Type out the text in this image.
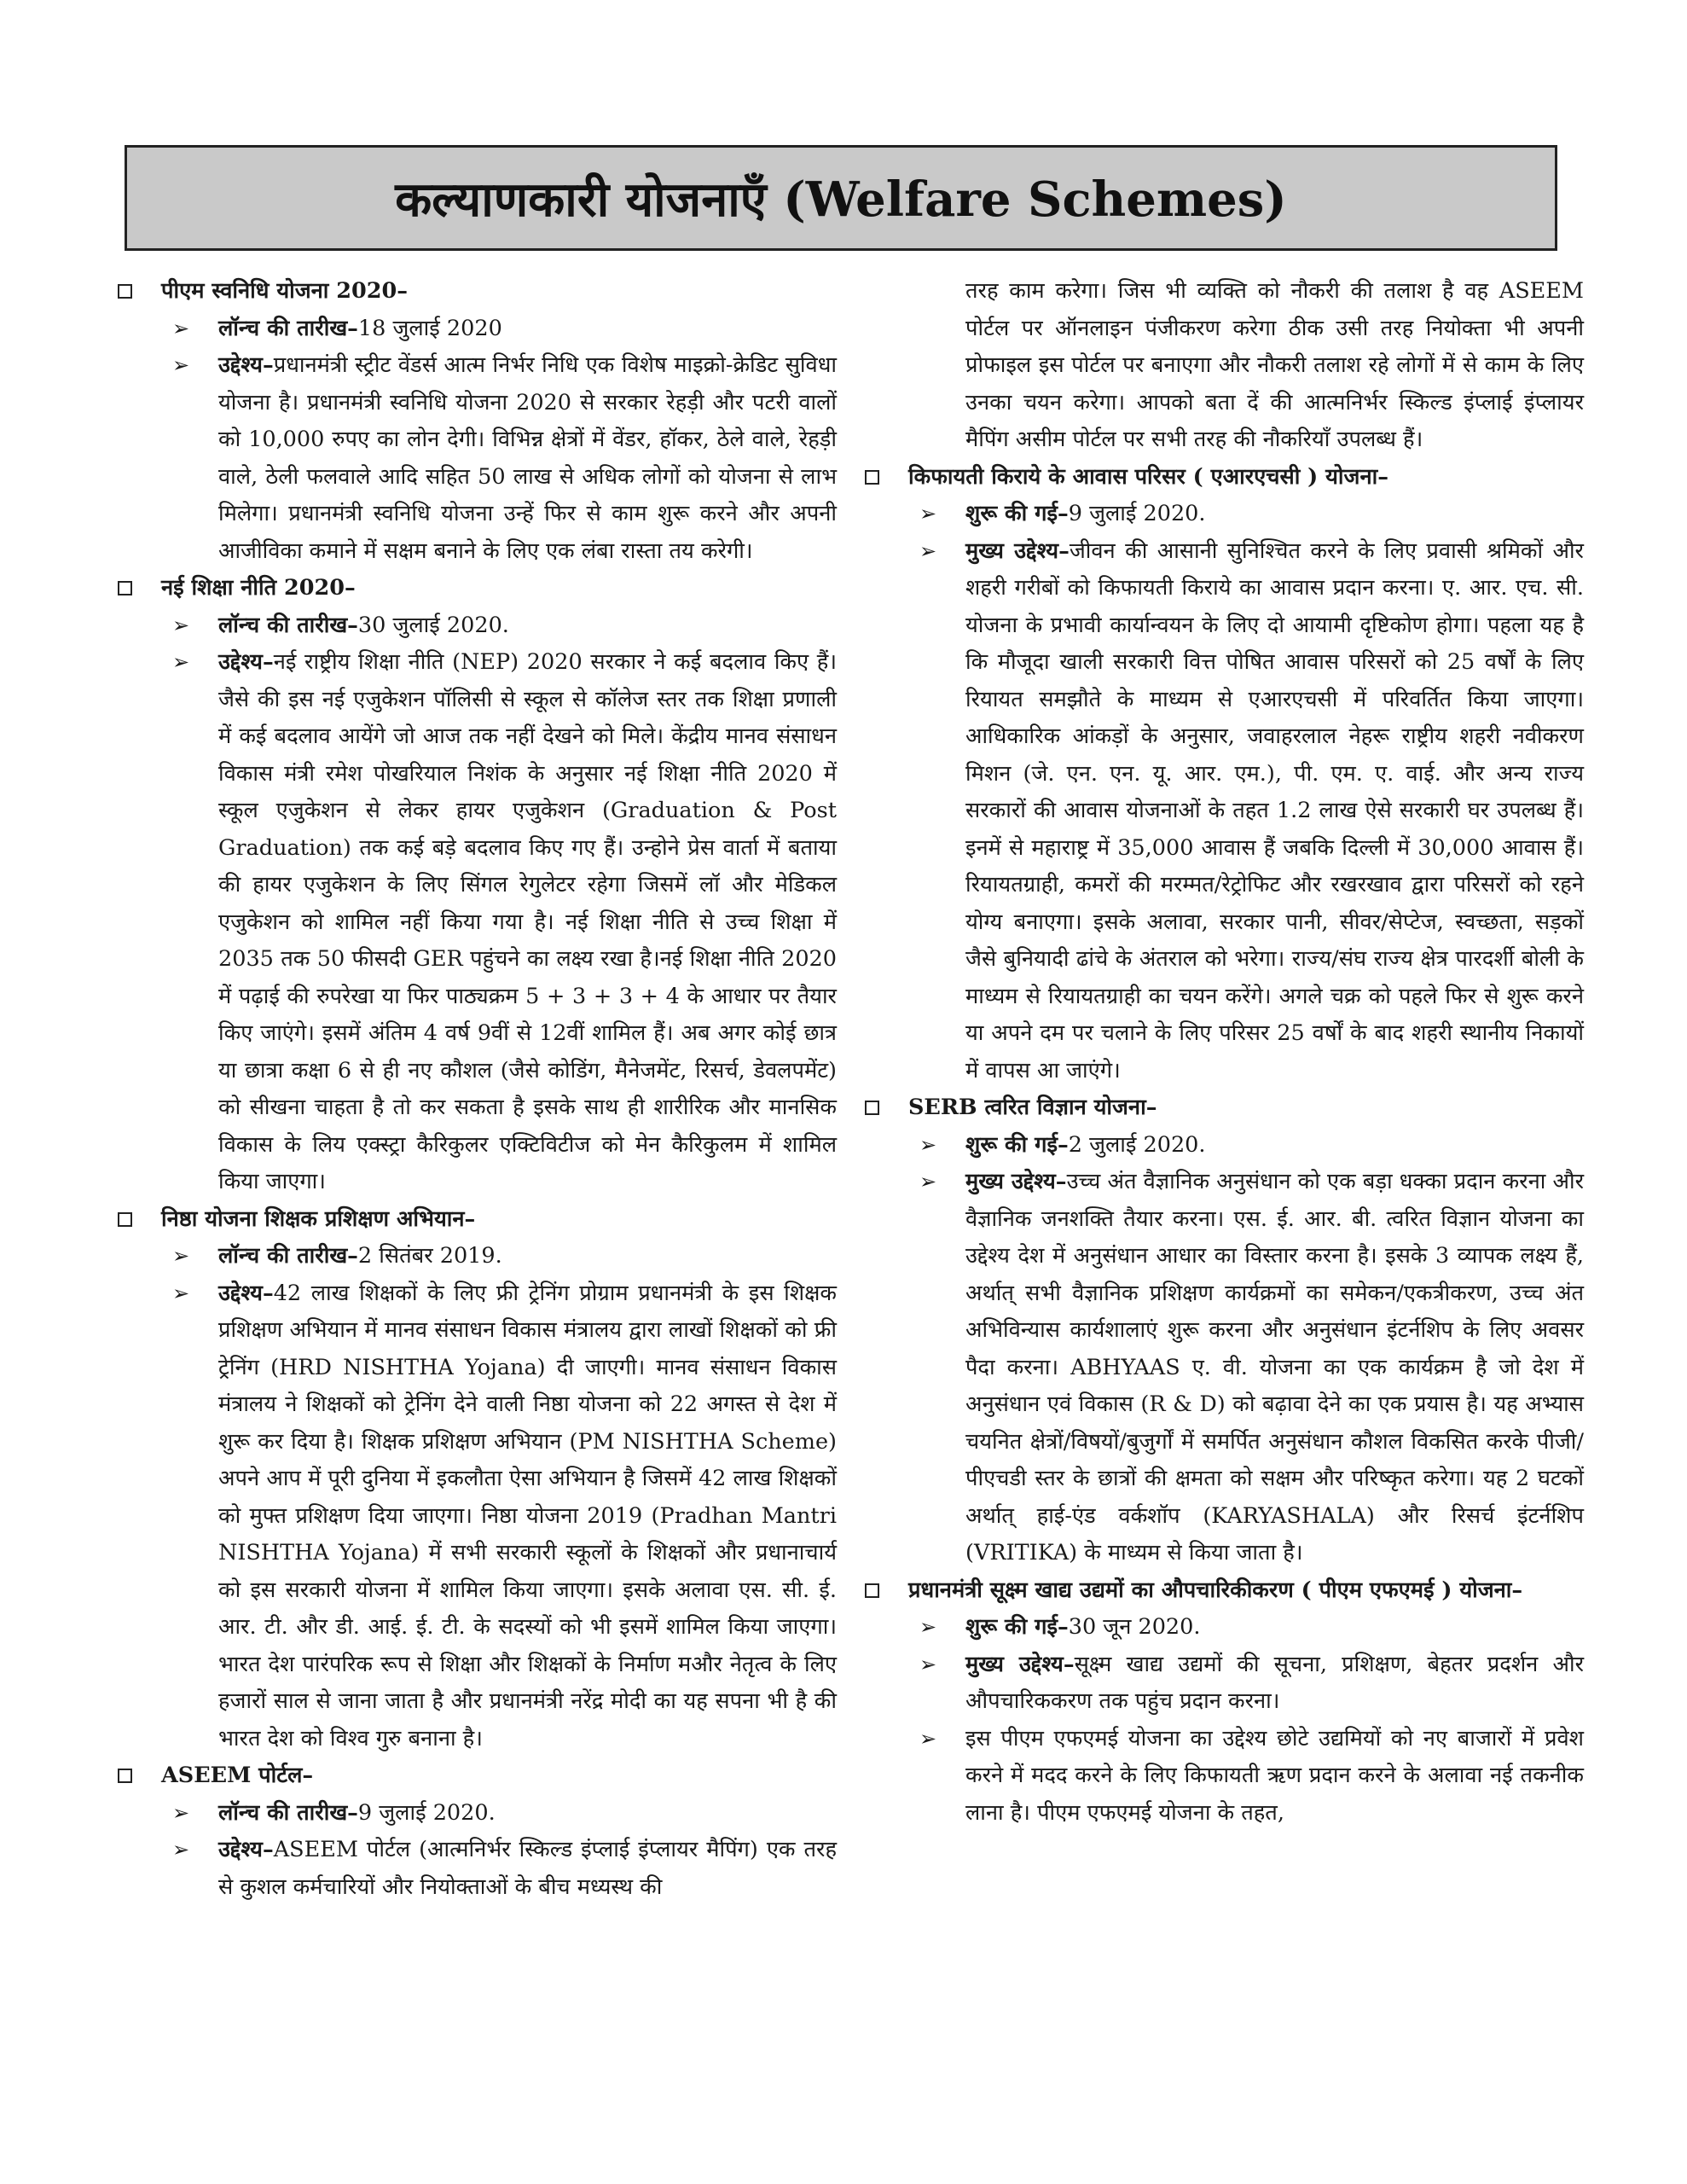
कल्याणकारी योजनाएँ (Welfare Schemes)
पीएम स्वनिधि योजना 2020–
➢	लॉन्च की तारीख–18 जुलाई 2020
➢	उद्देश्य–प्रधानमंत्री स्ट्रीट वेंडर्स आत्म निर्भर निधि एक विशेष माइक्रो-क्रेडिट सुविधा योजना है। प्रधानमंत्री स्वनिधि योजना 2020 से सरकार रेहड़ी और पटरी वालों को 10,000 रुपए का लोन देगी। विभिन्न क्षेत्रों में वेंडर, हॉकर, ठेले वाले, रेहड़ी वाले, ठेली फलवाले आदि सहित 50 लाख से अधिक लोगों को योजना से लाभ मिलेगा। प्रधानमंत्री स्वनिधि योजना उन्हें फिर से काम शुरू करने और अपनी आजीविका कमाने में सक्षम बनाने के लिए एक लंबा रास्ता तय करेगी।
नई शिक्षा नीति 2020–
➢	लॉन्च की तारीख–30 जुलाई 2020.
➢	उद्देश्य–नई राष्ट्रीय शिक्षा नीति (NEP) 2020 सरकार ने कई बदलाव किए हैं। जैसे की इस नई एजुकेशन पॉलिसी से स्कूल से कॉलेज स्तर तक शिक्षा प्रणाली में कई बदलाव आयेंगे जो आज तक नहीं देखने को मिले। केंद्रीय मानव संसाधन विकास मंत्री रमेश पोखरियाल निशंक के अनुसार नई शिक्षा नीति 2020 में स्कूल एजुकेशन से लेकर हायर एजुकेशन (Graduation & Post Graduation) तक कई बड़े बदलाव किए गए हैं। उन्होने प्रेस वार्ता में बताया की हायर एजुकेशन के लिए सिंगल रेगुलेटर रहेगा जिसमें लॉ और मेडिकल एजुकेशन को शामिल नहीं किया गया है। नई शिक्षा नीति से उच्च शिक्षा में 2035 तक 50 फीसदी GER पहुंचने का लक्ष्य रखा है।नई शिक्षा नीति 2020 में पढ़ाई की रुपरेखा या फिर पाठ्यक्रम 5 + 3 + 3 + 4 के आधार पर तैयार किए जाएंगे। इसमें अंतिम 4 वर्ष 9वीं से 12वीं शामिल हैं। अब अगर कोई छात्र या छात्रा कक्षा 6 से ही नए कौशल (जैसे कोडिंग, मैनेजमेंट, रिसर्च, डेवलपमेंट) को सीखना चाहता है तो कर सकता है इसके साथ ही शारीरिक और मानसिक विकास के लिय एक्स्ट्रा कैरिकुलर एक्टिविटीज को मेन कैरिकुलम में शामिल किया जाएगा।
निष्ठा योजना शिक्षक प्रशिक्षण अभियान–
➢	लॉन्च की तारीख–2 सितंबर 2019.
➢	उद्देश्य–42 लाख शिक्षकों के लिए फ्री ट्रेनिंग प्रोग्राम प्रधानमंत्री के इस शिक्षक प्रशिक्षण अभियान में मानव संसाधन विकास मंत्रालय द्वारा लाखों शिक्षकों को फ्री ट्रेनिंग (HRD NISHTHA Yojana) दी जाएगी। मानव संसाधन विकास मंत्रालय ने शिक्षकों को ट्रेनिंग देने वाली निष्ठा योजना को 22 अगस्त से देश में शुरू कर दिया है। शिक्षक प्रशिक्षण अभियान (PM NISHTHA Scheme) अपने आप में पूरी दुनिया में इकलौता ऐसा अभियान है जिसमें 42 लाख शिक्षकों को मुफ्त प्रशिक्षण दिया जाएगा। निष्ठा योजना 2019 (Pradhan Mantri NISHTHA Yojana) में सभी सरकारी स्कूलों के शिक्षकों और प्रधानाचार्य को इस सरकारी योजना में शामिल किया जाएगा। इसके अलावा एस. सी. ई. आर. टी. और डी. आई. ई. टी. के सदस्यों को भी इसमें शामिल किया जाएगा। भारत देश पारंपरिक रूप से शिक्षा और शिक्षकों के निर्माण मऔर नेतृत्व के लिए हजारों साल से जाना जाता है और प्रधानमंत्री नरेंद्र मोदी का यह सपना भी है की भारत देश को विश्व गुरु बनाना है।
ASEEM पोर्टल–
➢	लॉन्च की तारीख–9 जुलाई 2020.
➢	उद्देश्य–ASEEM पोर्टल (आत्मनिर्भर स्किल्ड इंप्लाई इंप्लायर मैपिंग) एक तरह से कुशल कर्मचारियों और नियोक्ताओं के बीच मध्यस्थ की
तरह काम करेगा। जिस भी व्यक्ति को नौकरी की तलाश है वह ASEEM पोर्टल पर ऑनलाइन पंजीकरण करेगा ठीक उसी तरह नियोक्ता भी अपनी प्रोफाइल इस पोर्टल पर बनाएगा और नौकरी तलाश रहे लोगों में से काम के लिए उनका चयन करेगा। आपको बता दें की आत्मनिर्भर स्किल्ड इंप्लाई इंप्लायर मैपिंग असीम पोर्टल पर सभी तरह की नौकरियाँ उपलब्ध हैं।
किफायती किराये के आवास परिसर ( एआरएचसी ) योजना–
➢	शुरू की गई–9 जुलाई 2020.
➢	मुख्य उद्देश्य–जीवन की आसानी सुनिश्चित करने के लिए प्रवासी श्रमिकों और शहरी गरीबों को किफायती किराये का आवास प्रदान करना। ए. आर. एच. सी. योजना के प्रभावी कार्यान्वयन के लिए दो आयामी दृष्टिकोण होगा। पहला यह है कि मौजूदा खाली सरकारी वित्त पोषित आवास परिसरों को 25 वर्षों के लिए रियायत समझौते के माध्यम से एआरएचसी में परिवर्तित किया जाएगा। आधिकारिक आंकड़ों के अनुसार, जवाहरलाल नेहरू राष्ट्रीय शहरी नवीकरण मिशन (जे. एन. एन. यू. आर. एम.), पी. एम. ए. वाई. और अन्य राज्य सरकारों की आवास योजनाओं के तहत 1.2 लाख ऐसे सरकारी घर उपलब्ध हैं। इनमें से महाराष्ट्र में 35,000 आवास हैं जबकि दिल्ली में 30,000 आवास हैं। रियायतग्राही, कमरों की मरम्मत/रेट्रोफिट और रखरखाव द्वारा परिसरों को रहने योग्य बनाएगा। इसके अलावा, सरकार पानी, सीवर/सेप्टेज, स्वच्छता, सड़कों जैसे बुनियादी ढांचे के अंतराल को भरेगा। राज्य/संघ राज्य क्षेत्र पारदर्शी बोली के माध्यम से रियायतग्राही का चयन करेंगे। अगले चक्र को पहले फिर से शुरू करने या अपने दम पर चलाने के लिए परिसर 25 वर्षों के बाद शहरी स्थानीय निकायों में वापस आ जाएंगे।
SERB त्वरित विज्ञान योजना–
➢	शुरू की गई–2 जुलाई 2020.
➢	मुख्य उद्देश्य–उच्च अंत वैज्ञानिक अनुसंधान को एक बड़ा धक्का प्रदान करना और वैज्ञानिक जनशक्ति तैयार करना। एस. ई. आर. बी. त्वरित विज्ञान योजना का उद्देश्य देश में अनुसंधान आधार का विस्तार करना है। इसके 3 व्यापक लक्ष्य हैं, अर्थात् सभी वैज्ञानिक प्रशिक्षण कार्यक्रमों का समेकन/एकत्रीकरण, उच्च अंत अभिविन्यास कार्यशालाएं शुरू करना और अनुसंधान इंटर्नशिप के लिए अवसर पैदा करना। ABHYAAS ए. वी. योजना का एक कार्यक्रम है जो देश में अनुसंधान एवं विकास (R & D) को बढ़ावा देने का एक प्रयास है। यह अभ्यास चयनित क्षेत्रों/विषयों/बुजुर्गों में समर्पित अनुसंधान कौशल विकसित करके पीजी/पीएचडी स्तर के छात्रों की क्षमता को सक्षम और परिष्कृत करेगा। यह 2 घटकों अर्थात् हाई-एंड वर्कशॉप (KARYASHALA) और रिसर्च इंटर्नशिप (VRITIKA) के माध्यम से किया जाता है।
प्रधानमंत्री सूक्ष्म खाद्य उद्यमों का औपचारिकीकरण ( पीएम एफएमई ) योजना–
➢	शुरू की गई–30 जून 2020.
➢	मुख्य उद्देश्य–सूक्ष्म खाद्य उद्यमों की सूचना, प्रशिक्षण, बेहतर प्रदर्शन और औपचारिककरण तक पहुंच प्रदान करना।
➢	इस पीएम एफएमई योजना का उद्देश्य छोटे उद्यमियों को नए बाजारों में प्रवेश करने में मदद करने के लिए किफायती ऋण प्रदान करने के अलावा नई तकनीक लाना है। पीएम एफएमई योजना के तहत,
